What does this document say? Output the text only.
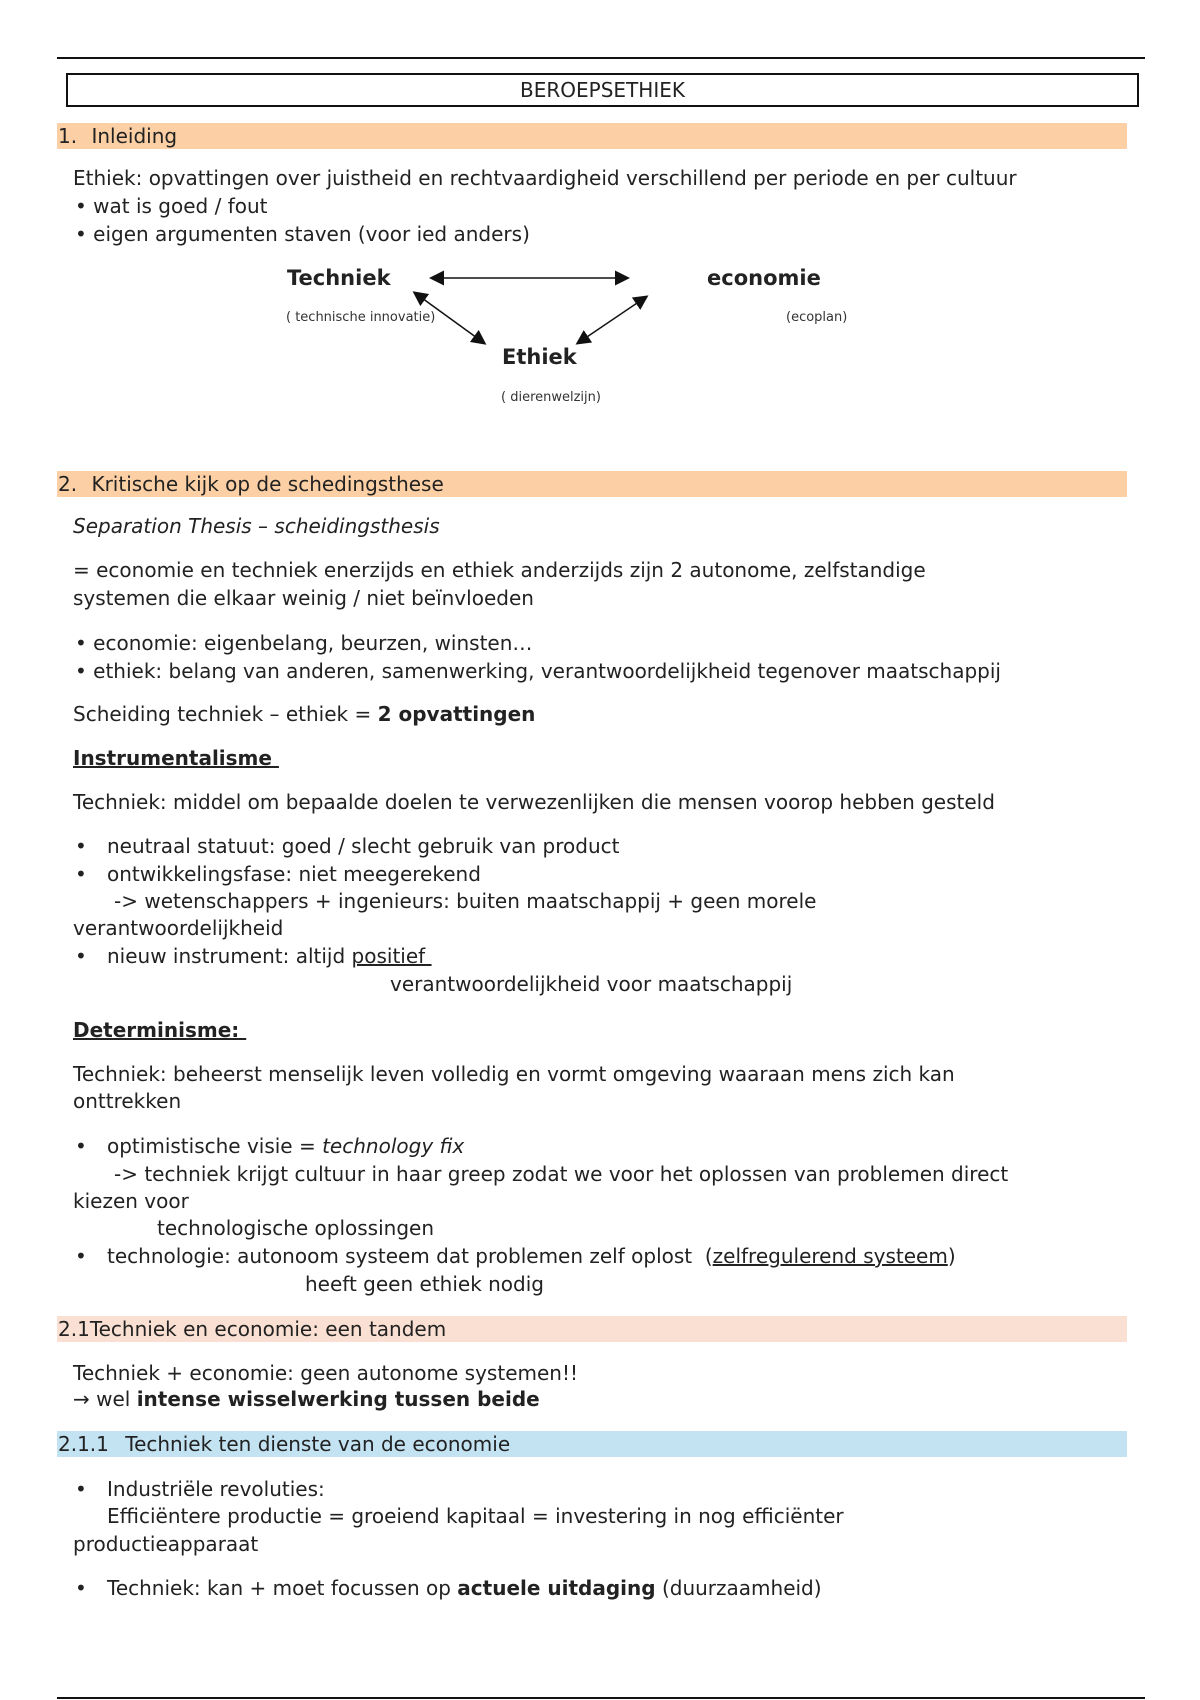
BEROEPSETHIEK
1. Inleiding
Ethiek: opvattingen over juistheid en rechtvaardigheid verschillend per periode en per cultuur
• wat is goed / fout
• eigen argumenten staven (voor ied anders)
Techniek
( technische innovatie)
economie
(ecoplan)
Ethiek
( dierenwelzijn)
2. Kritische kijk op de schedingsthese
Separation Thesis – scheidingsthesis
= economie en techniek enerzijds en ethiek anderzijds zijn 2 autonome, zelfstandige
systemen die elkaar weinig / niet beïnvloeden
• economie: eigenbelang, beurzen, winsten…
• ethiek: belang van anderen, samenwerking, verantwoordelijkheid tegenover maatschappij
Scheiding techniek – ethiek = 2 opvattingen
Instrumentalisme
Techniek: middel om bepaalde doelen te verwezenlijken die mensen voorop hebben gesteld
• neutraal statuut: goed / slecht gebruik van product
• ontwikkelingsfase: niet meegerekend
-> wetenschappers + ingenieurs: buiten maatschappij + geen morele
verantwoordelijkheid
• nieuw instrument: altijd positief
verantwoordelijkheid voor maatschappij
Determinisme:
Techniek: beheerst menselijk leven volledig en vormt omgeving waaraan mens zich kan
onttrekken
• optimistische visie = technology fix
-> techniek krijgt cultuur in haar greep zodat we voor het oplossen van problemen direct
kiezen voor
technologische oplossingen
• technologie: autonoom systeem dat problemen zelf oplost  (zelfregulerend systeem)
heeft geen ethiek nodig
2.1Techniek en economie: een tandem
Techniek + economie: geen autonome systemen!!
→ wel intense wisselwerking tussen beide
2.1.1 Techniek ten dienste van de economie
• Industriële revoluties:
Efficiëntere productie = groeiend kapitaal = investering in nog efficiënter
productieapparaat
• Techniek: kan + moet focussen op actuele uitdaging (duurzaamheid)
